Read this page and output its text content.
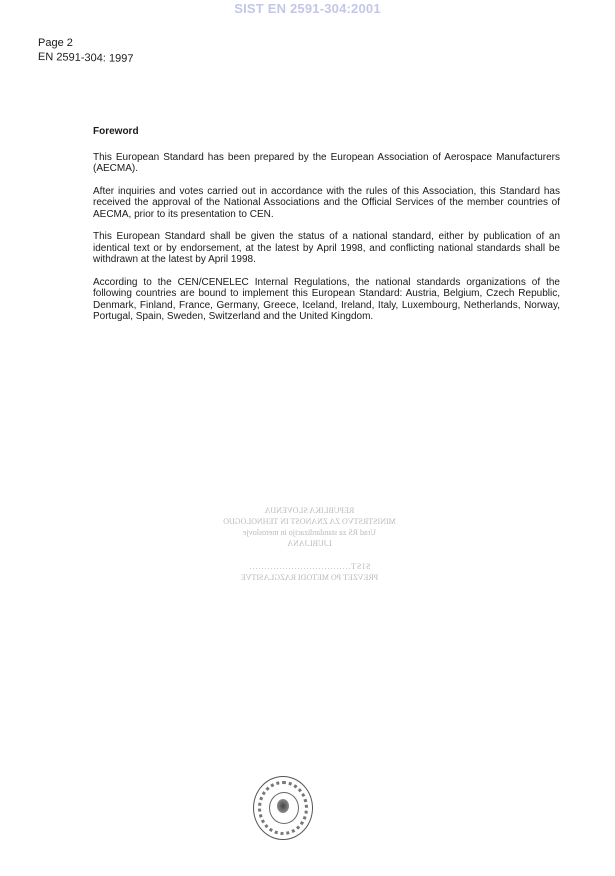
SIST EN 2591-304:2001
Page 2

EN 2591-304: 1997
Foreword

This European Standard has been prepared by the European Association of Aerospace Manufacturers (AECMA).

After inquiries and votes carried out in accordance with the rules of this Association, this Standard has received the approval of the National Associations and the Official Services of the member countries of AECMA, prior to its presentation to CEN.

This European Standard shall be given the status of a national standard, either by publication of an identical text or by endorsement, at the latest by April 1998, and conflicting national standards shall be withdrawn at the latest by April 1998.

According to the CEN/CENELEC Internal Regulations, the national standards organizations of the following countries are bound to implement this European Standard: Austria, Belgium, Czech Republic, Denmark, Finland, France, Germany, Greece, Iceland, Ireland, Italy, Luxembourg, Netherlands, Norway, Portugal, Spain, Sweden, Switzerland and the United Kingdom.

REPUBLIKA SLOVENIJA
MINISTRSTVO ZA ZNANOST IN TEHNOLOGIJO
Urad RS za standardizacijo in meroslovje
LJUBLJANA
SIST..................................
PREVZET PO METODI RAZGLASITVE
